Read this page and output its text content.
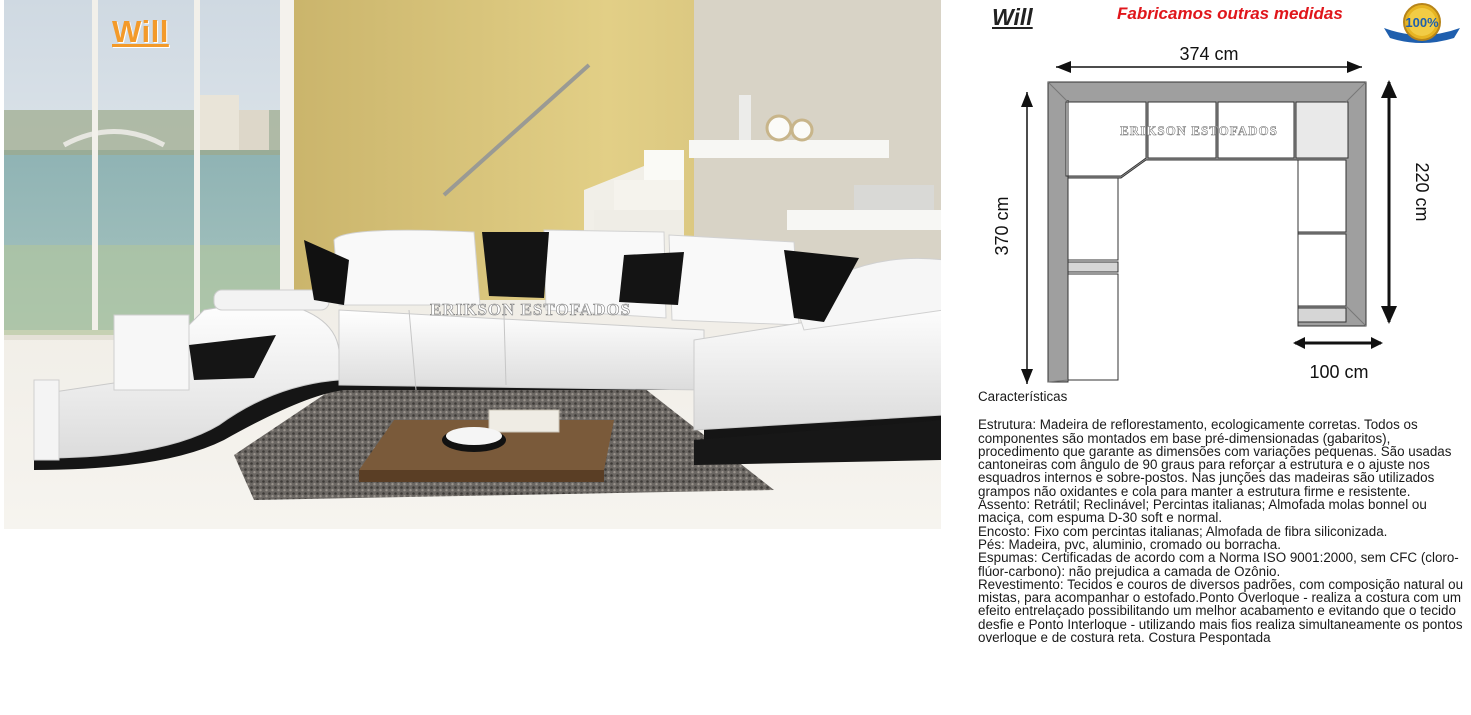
ERIKSON ESTOFADOS
Will	Will	Fabricamos outras medidas	100%
374 cm
370 cm
220 cm
100 cm
ERIKSON ESTOFADOS

Características

Estrutura: Madeira de reflorestamento, ecologicamente corretas. Todos os componentes são montados em base pré-dimensionadas (gabaritos), procedimento que garante as dimensões com variações pequenas. São usadas cantoneiras com ângulo de 90 graus para reforçar a estrutura e o ajuste nos esquadros internos e sobre-postos. Nas junções das madeiras são utilizados grampos não oxidantes e cola para manter a estrutura firme e resistente.

Assento: Retrátil; Reclinável; Percintas italianas; Almofada molas bonnel ou maciça, com espuma D-30 soft e normal.

Encosto: Fixo com percintas italianas; Almofada de fibra siliconizada.

Pés: Madeira, pvc, aluminio, cromado ou borracha.

Espumas: Certificadas de acordo com a Norma ISO 9001:2000, sem CFC (cloro-flúor-carbono): não prejudica a camada de Ozônio.

Revestimento: Tecidos e couros de diversos padrões, com composição natural ou mistas, para acompanhar o estofado.Ponto Overloque - realiza a costura com um efeito entrelaçado possibilitando um melhor acabamento e evitando que o tecido desfie e Ponto Interloque - utilizando mais fios realiza simultaneamente os pontos overloque e de costura reta. Costura Pespontada
